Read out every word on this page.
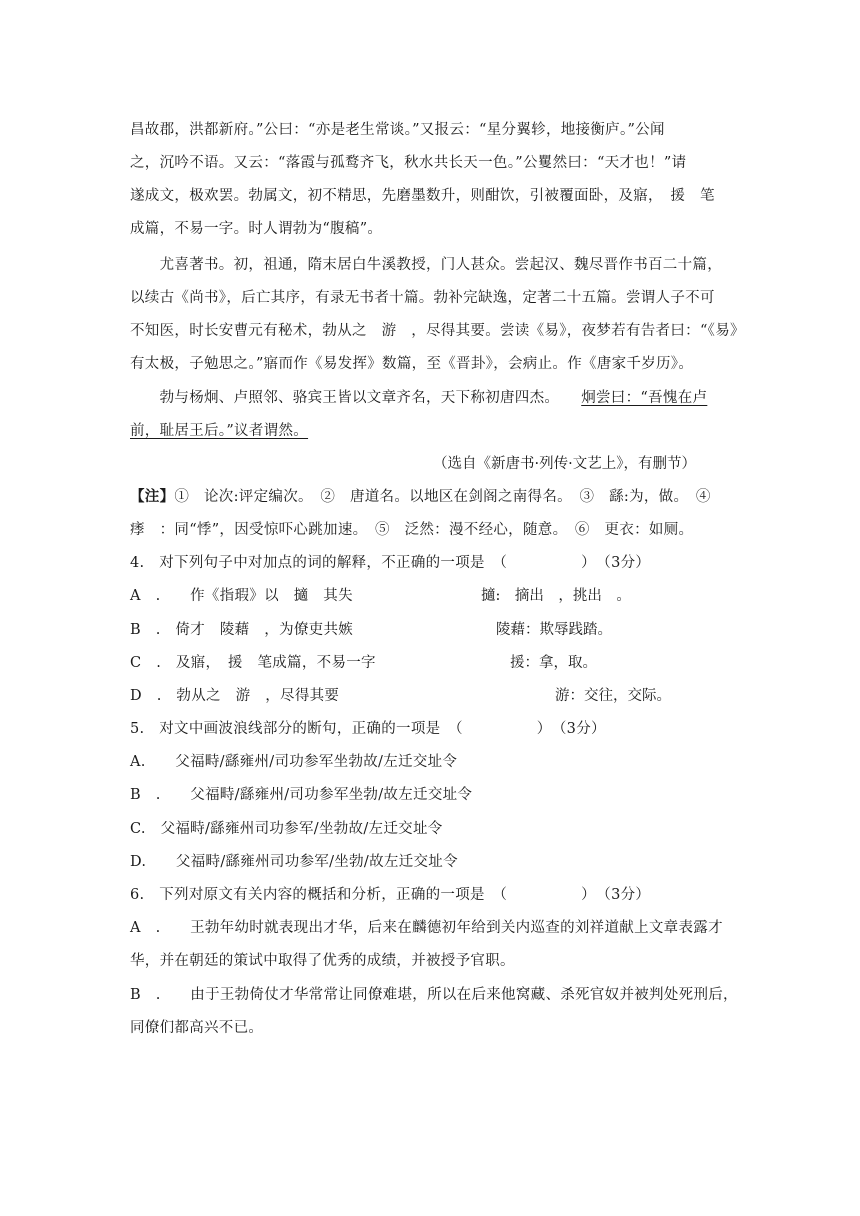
昌故郡，洪都新府。”公曰：“亦是老生常谈。”又报云：“星分翼轸，地接衡庐。”公闻
之，沉吟不语。又云：“落霞与孤鹜齐飞，秋水共长天一色。”公矍然曰：“天才也！”请
遂成文，极欢罢。勃属文，初不精思，先磨墨数升，则酣饮，引被覆面卧，及寤，　援　笔
成篇，不易一字。时人谓勃为“腹稿”。
　　尤喜著书。初，祖通，隋末居白牛溪教授，门人甚众。尝起汉、魏尽晋作书百二十篇，
以续古《尚书》，后亡其序，有录无书者十篇。勃补完缺逸，定著二十五篇。尝谓人子不可
不知医，时长安曹元有秘术，勃从之　游　，尽得其要。尝读《易》，夜梦若有告者曰：“《易》
有太极，子勉思之。”寤而作《易发挥》数篇，至《晋卦》，会病止。作《唐家千岁历》。
　　勃与杨炯、卢照邻、骆宾王皆以文章齐名，天下称初唐四杰。 炯尝曰：“吾愧在卢
前，耻居王后。”议者谓然。
（选自《新唐书·列传·文艺上》，有删节）
【注】①　论次:评定编次。　②　唐道名。以地区在剑阁之南得名。　③　繇:为，做。　④
痵　：同“悸”，因受惊吓心跳加速。　⑤　泛然：漫不经心，随意。　⑥　更衣：如厕。
4.　对下列句子中对加点的词的解释，不正确的一项是　（　　　　　）　（3分）
A　.　　作《指瑕》以　擿　其失	擿:　摘出　，挑出　。
B　.　倚才　陵藉　，为僚吏共嫉	陵藉：欺辱践踏。
C　.　及寤，　援　笔成篇，不易一字	援：拿，取。
D　.　勃从之　游　，尽得其要	游：交往，交际。
5.　对文中画波浪线部分的断句，正确的一项是　（　　　　　）　（3分）
A.　　父福畤/繇雍州/司功参军坐勃故/左迁交址令
B　.　　父福畤/繇雍州/司功参军坐勃/故左迁交址令
C.　父福畤/繇雍州司功参军/坐勃故/左迁交址令
D.　　父福畤/繇雍州司功参军/坐勃/故左迁交址令
6.　下列对原文有关内容的概括和分析，正确的一项是　（　　　　　）　（3分）
A　.　　王勃年幼时就表现出才华，后来在麟德初年给到关内巡查的刘祥道献上文章表露才
华，并在朝廷的策试中取得了优秀的成绩，并被授予官职。
B　.　　由于王勃倚仗才华常常让同僚难堪，所以在后来他窝藏、杀死官奴并被判处死刑后，
同僚们都高兴不已。
